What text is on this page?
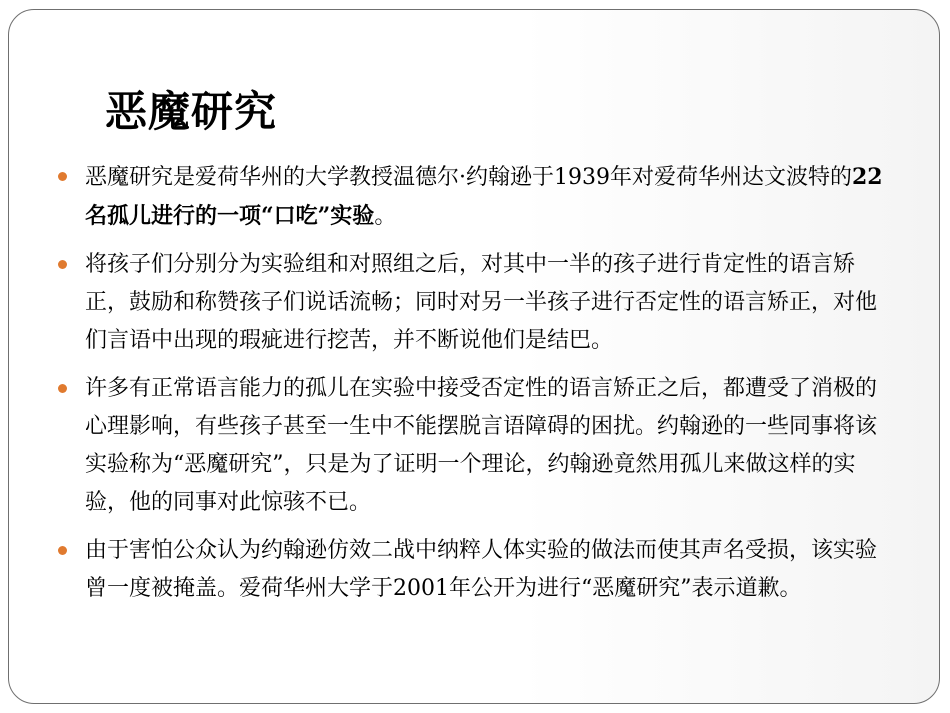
恶魔研究
恶魔研究是爱荷华州的大学教授温德尔·约翰逊于1939年对爱荷华州达文波特的22名孤儿进行的一项“口吃”实验。
将孩子们分别分为实验组和对照组之后，对其中一半的孩子进行肯定性的语言矫正，鼓励和称赞孩子们说话流畅；同时对另一半孩子进行否定性的语言矫正，对他们言语中出现的瑕疵进行挖苦，并不断说他们是结巴。
许多有正常语言能力的孤儿在实验中接受否定性的语言矫正之后，都遭受了消极的心理影响，有些孩子甚至一生中不能摆脱言语障碍的困扰。约翰逊的一些同事将该实验称为“恶魔研究”，只是为了证明一个理论，约翰逊竟然用孤儿来做这样的实验，他的同事对此惊骇不已。
由于害怕公众认为约翰逊仿效二战中纳粹人体实验的做法而使其声名受损，该实验曾一度被掩盖。爱荷华州大学于2001年公开为进行“恶魔研究”表示道歉。
